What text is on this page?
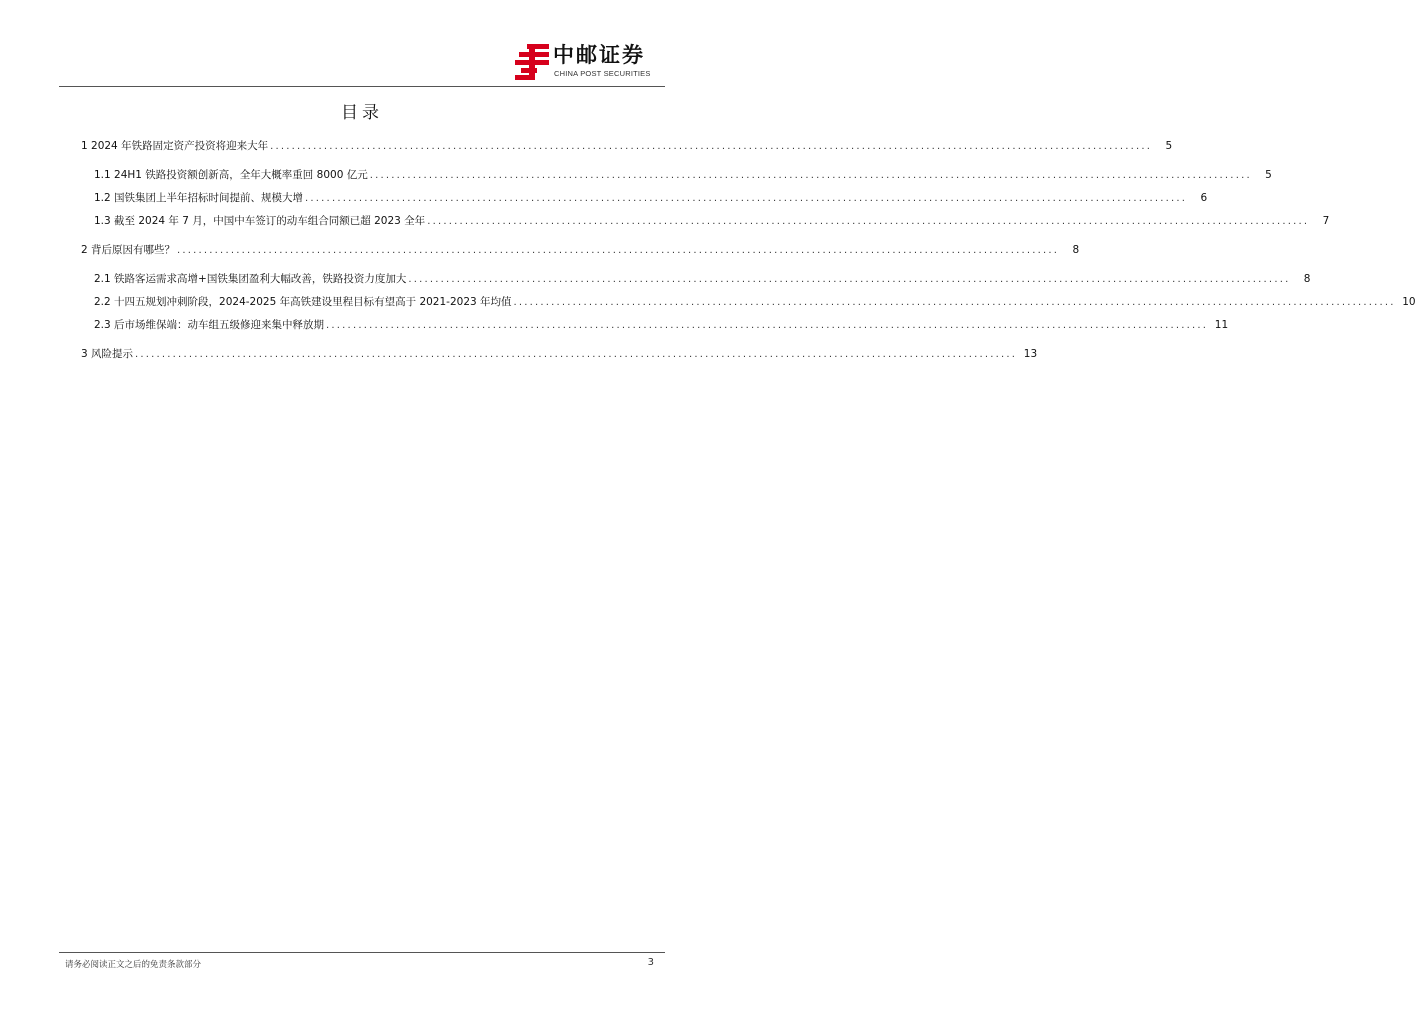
中邮证券
CHINA POST SECURITIES
目录
1 2024 年铁路固定资产投资将迎来大年 ....................................................................................................................................................................	5
1.1 24H1 铁路投资额创新高，全年大概率重回 8000 亿元 ....................................................................................................................................................................	5
1.2 国铁集团上半年招标时间提前、规模大增 ....................................................................................................................................................................	6
1.3 截至 2024 年 7 月，中国中车签订的动车组合同额已超 2023 全年 ....................................................................................................................................................................	7
2 背后原因有哪些？ ....................................................................................................................................................................	8
2.1 铁路客运需求高增+国铁集团盈利大幅改善，铁路投资力度加大 ....................................................................................................................................................................	8
2.2 十四五规划冲刺阶段，2024-2025 年高铁建设里程目标有望高于 2021-2023 年均值 .................................................................................................................................................................... 10
2.3 后市场维保端：动车组五级修迎来集中释放期 .................................................................................................................................................................... 11
3 风险提示 .................................................................................................................................................................... 13
请务必阅读正文之后的免责条款部分	3
